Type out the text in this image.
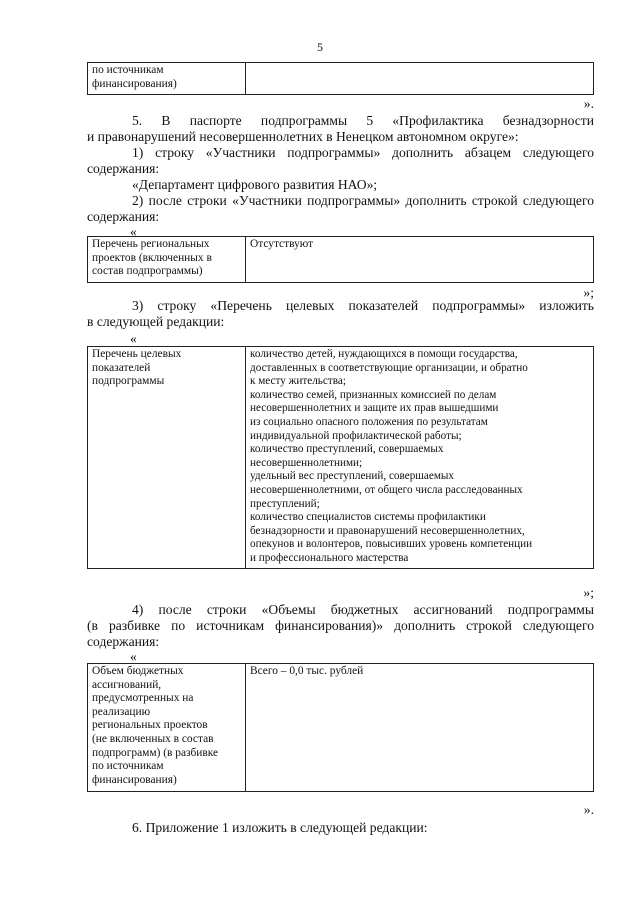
5
по источникам
финансирования)	
».
5. В паспорте подпрограммы 5 «Профилактика безнадзорности
и правонарушений несовершеннолетних в Ненецком автономном округе»:
1) строку «Участники подпрограммы» дополнить абзацем следующего
содержания:
«Департамент цифрового развития НАО»;
2) после строки «Участники подпрограммы» дополнить строкой следующего
содержания:
«
Перечень региональных
проектов (включенных в
состав подпрограммы)	Отсутствуют
»;
3) строку «Перечень целевых показателей подпрограммы» изложить
в следующей редакции:
«
Перечень целевых
показателей
подпрограммы	количество детей, нуждающихся в помощи государства,
доставленных в соответствующие организации, и обратно
к месту жительства;
количество семей, признанных комиссией по делам
несовершеннолетних и защите их прав вышедшими
из социально опасного положения по результатам
индивидуальной профилактической работы;
количество преступлений, совершаемых
несовершеннолетними;
удельный вес преступлений, совершаемых
несовершеннолетними, от общего числа расследованных
преступлений;
количество специалистов системы профилактики
безнадзорности и правонарушений несовершеннолетних,
опекунов и волонтеров, повысивших уровень компетенции
и профессионального мастерства
»;
4) после строки «Объемы бюджетных ассигнований подпрограммы
(в разбивке по источникам финансирования)» дополнить строкой следующего
содержания:
«
Объем бюджетных
ассигнований,
предусмотренных на
реализацию
региональных проектов
(не включенных в состав
подпрограмм) (в разбивке
по источникам
финансирования)	Всего – 0,0 тыс. рублей
».
6. Приложение 1 изложить в следующей редакции:
